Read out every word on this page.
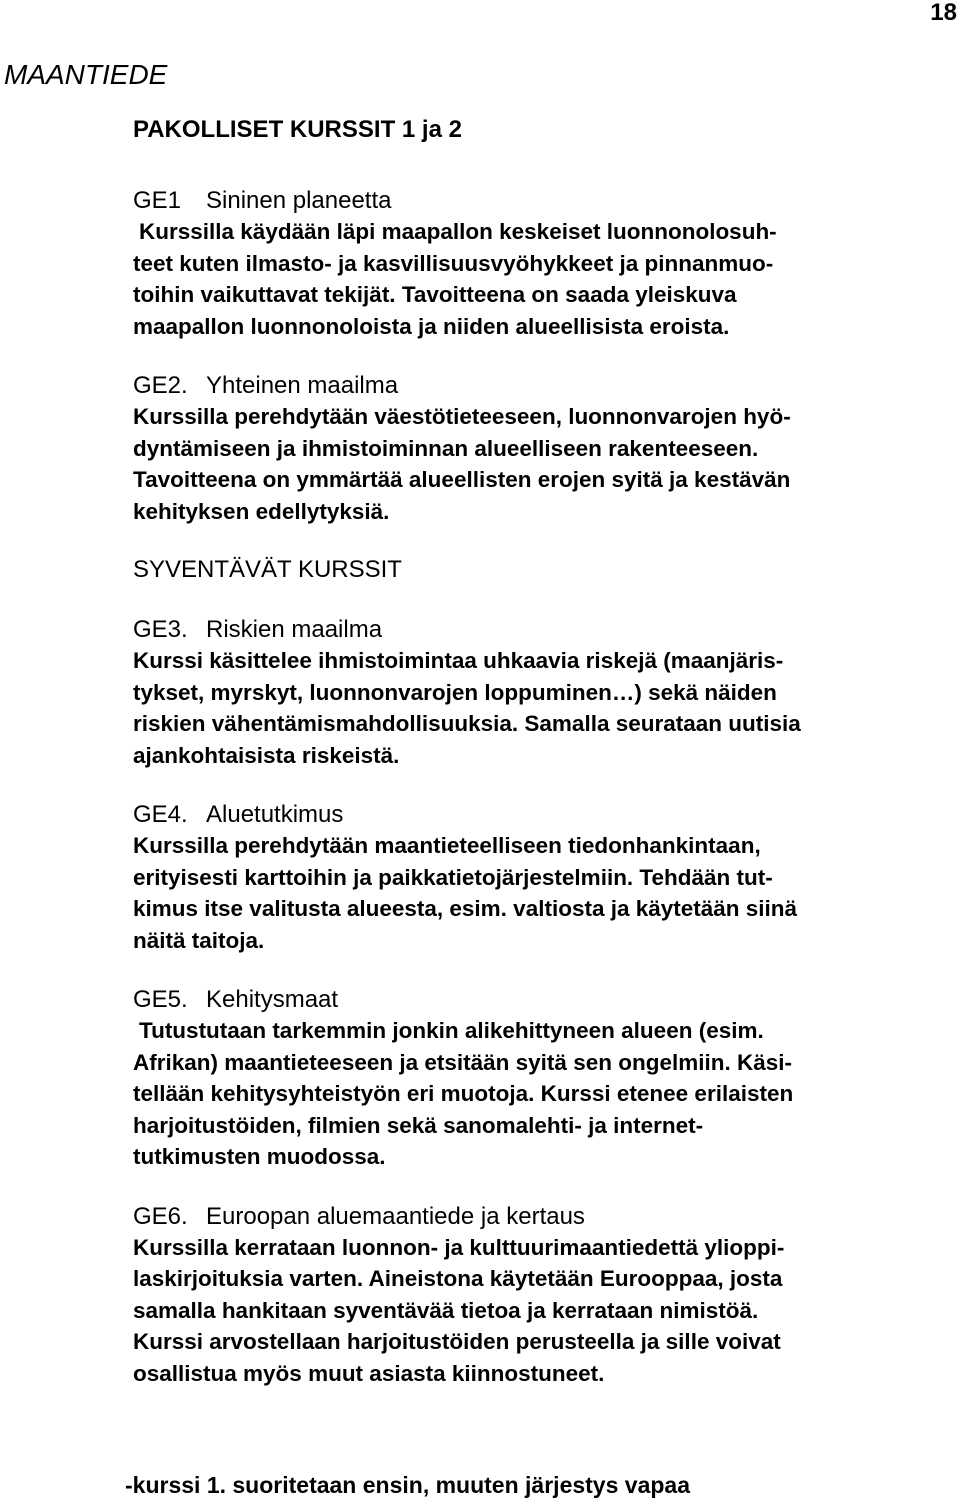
18
MAANTIEDE
PAKOLLISET KURSSIT 1 ja 2
GE1	Sininen planeetta
Kurssilla käydään läpi maapallon keskeiset luonnonolosuh-
teet kuten ilmasto- ja kasvillisuusvyöhykkeet ja pinnanmuo-
toihin vaikuttavat tekijät. Tavoitteena on saada yleiskuva
maapallon luonnonoloista ja niiden alueellisista eroista.
GE2. Yhteinen maailma
Kurssilla perehdytään väestötieteeseen, luonnonvarojen hyö-
dyntämiseen ja ihmistoiminnan alueelliseen rakenteeseen.
Tavoitteena on ymmärtää alueellisten erojen syitä ja kestävän
kehityksen edellytyksiä.
SYVENTÄVÄT KURSSIT
GE3. Riskien maailma
Kurssi käsittelee ihmistoimintaa uhkaavia riskejä (maanjäris-
tykset, myrskyt, luonnonvarojen loppuminen…) sekä näiden
riskien vähentämismahdollisuuksia. Samalla seurataan uutisia
ajankohtaisista riskeistä.
GE4. Aluetutkimus
Kurssilla perehdytään maantieteelliseen tiedonhankintaan,
erityisesti karttoihin ja paikkatietojärjestelmiin. Tehdään tut-
kimus itse valitusta alueesta, esim. valtiosta ja käytetään siinä
näitä taitoja.
GE5. Kehitysmaat
Tutustutaan tarkemmin jonkin alikehittyneen alueen (esim.
Afrikan) maantieteeseen ja etsitään syitä sen ongelmiin. Käsi-
tellään kehitysyhteistyön eri muotoja. Kurssi etenee erilaisten
harjoitustöiden, filmien sekä sanomalehti- ja internet-
tutkimusten muodossa.
GE6. Euroopan aluemaantiede ja kertaus
Kurssilla kerrataan luonnon- ja kulttuurimaantiedettä ylioppi-
laskirjoituksia varten. Aineistona käytetään Eurooppaa, josta
samalla hankitaan syventävää tietoa ja kerrataan nimistöä.
Kurssi arvostellaan harjoitustöiden perusteella ja sille voivat
osallistua myös muut asiasta kiinnostuneet.
-kurssi 1. suoritetaan ensin, muuten järjestys vapaa
